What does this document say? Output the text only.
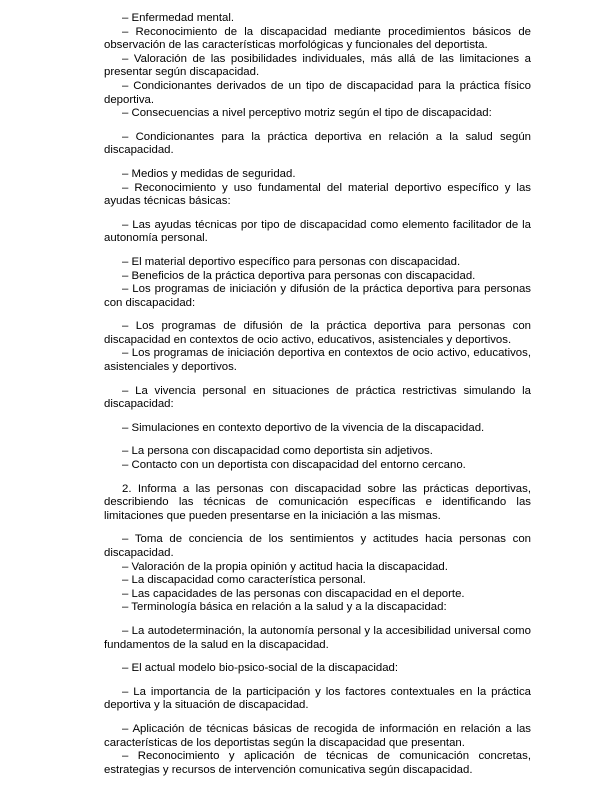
– Enfermedad mental.

– Reconocimiento de la discapacidad mediante procedimientos básicos de observación de las características morfológicas y funcionales del deportista.

– Valoración de las posibilidades individuales, más allá de las limitaciones a presentar según discapacidad.

– Condicionantes derivados de un tipo de discapacidad para la práctica físico deportiva.

– Consecuencias a nivel perceptivo motriz según el tipo de discapacidad:

– Condicionantes para la práctica deportiva en relación a la salud según discapacidad.

– Medios y medidas de seguridad.

– Reconocimiento y uso fundamental del material deportivo específico y las ayudas técnicas básicas:

– Las ayudas técnicas por tipo de discapacidad como elemento facilitador de la autonomía personal.

– El material deportivo específico para personas con discapacidad.

– Beneficios de la práctica deportiva para personas con discapacidad.

– Los programas de iniciación y difusión de la práctica deportiva para personas con discapacidad:

– Los programas de difusión de la práctica deportiva para personas con discapacidad en contextos de ocio activo, educativos, asistenciales y deportivos.

– Los programas de iniciación deportiva en contextos de ocio activo, educativos, asistenciales y deportivos.

– La vivencia personal en situaciones de práctica restrictivas simulando la discapacidad:

– Simulaciones en contexto deportivo de la vivencia de la discapacidad.

– La persona con discapacidad como deportista sin adjetivos.

– Contacto con un deportista con discapacidad del entorno cercano.

2. Informa a las personas con discapacidad sobre las prácticas deportivas, describiendo las técnicas de comunicación específicas e identificando las limitaciones que pueden presentarse en la iniciación a las mismas.

– Toma de conciencia de los sentimientos y actitudes hacia personas con discapacidad.

– Valoración de la propia opinión y actitud hacia la discapacidad.

– La discapacidad como característica personal.

– Las capacidades de las personas con discapacidad en el deporte.

– Terminología básica en relación a la salud y a la discapacidad:

– La autodeterminación, la autonomía personal y la accesibilidad universal como fundamentos de la salud en la discapacidad.

– El actual modelo bio-psico-social de la discapacidad:

– La importancia de la participación y los factores contextuales en la práctica deportiva y la situación de discapacidad.

– Aplicación de técnicas básicas de recogida de información en relación a las características de los deportistas según la discapacidad que presentan.

– Reconocimiento y aplicación de técnicas de comunicación concretas, estrategias y recursos de intervención comunicativa según discapacidad.
